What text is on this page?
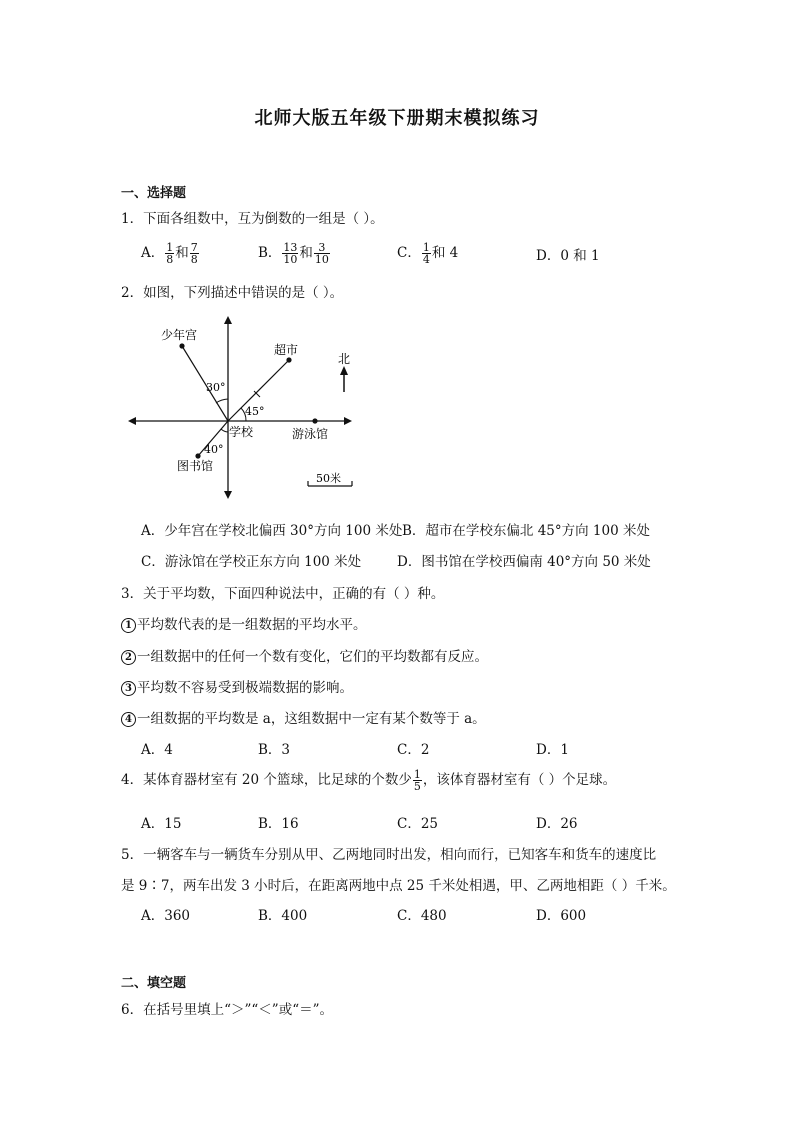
北师大版五年级下册期末模拟练习
一、选择题
1．下面各组数中，互为倒数的一组是（ ）。
A． $\frac{1}{8}$ 和 $\frac{7}{8}$	B． $\frac{13}{10}$ 和 $\frac{3}{10}$	C． $\frac{1}{4}$ 和 4	D．0 和 1
2．如图，下列描述中错误的是（ ）。
少年宫
超市
北
30°
45°
40°
学校	游泳馆
图书馆
50米
A．少年宫在学校北偏西 30°方向 100 米处 B．超市在学校东偏北 45°方向 100 米处
C．游泳馆在学校正东方向 100 米处	D．图书馆在学校西偏南 40°方向 50 米处
3．关于平均数，下面四种说法中，正确的有（ ）种。
1 平均数代表的是一组数据的平均水平。
2 一组数据中的任何一个数有变化，它们的平均数都有反应。
3 平均数不容易受到极端数据的影响。
4 一组数据的平均数是 a，这组数据中一定有某个数等于 a。
A．4	B．3	C．2	D．1
4．某体育器材室有 20 个篮球，比足球的个数少 $\frac{1}{5}$ ，该体育器材室有（ ）个足球。
A．15	B．16	C．25	D．26
5．一辆客车与一辆货车分别从甲、乙两地同时出发，相向而行，已知客车和货车的速度比
是 9∶7，两车出发 3 小时后，在距离两地中点 25 千米处相遇，甲、乙两地相距（ ）千米。
A．360	B．400	C．480	D．600
二、填空题
6．在括号里填上“＞”“＜”或“＝”。
